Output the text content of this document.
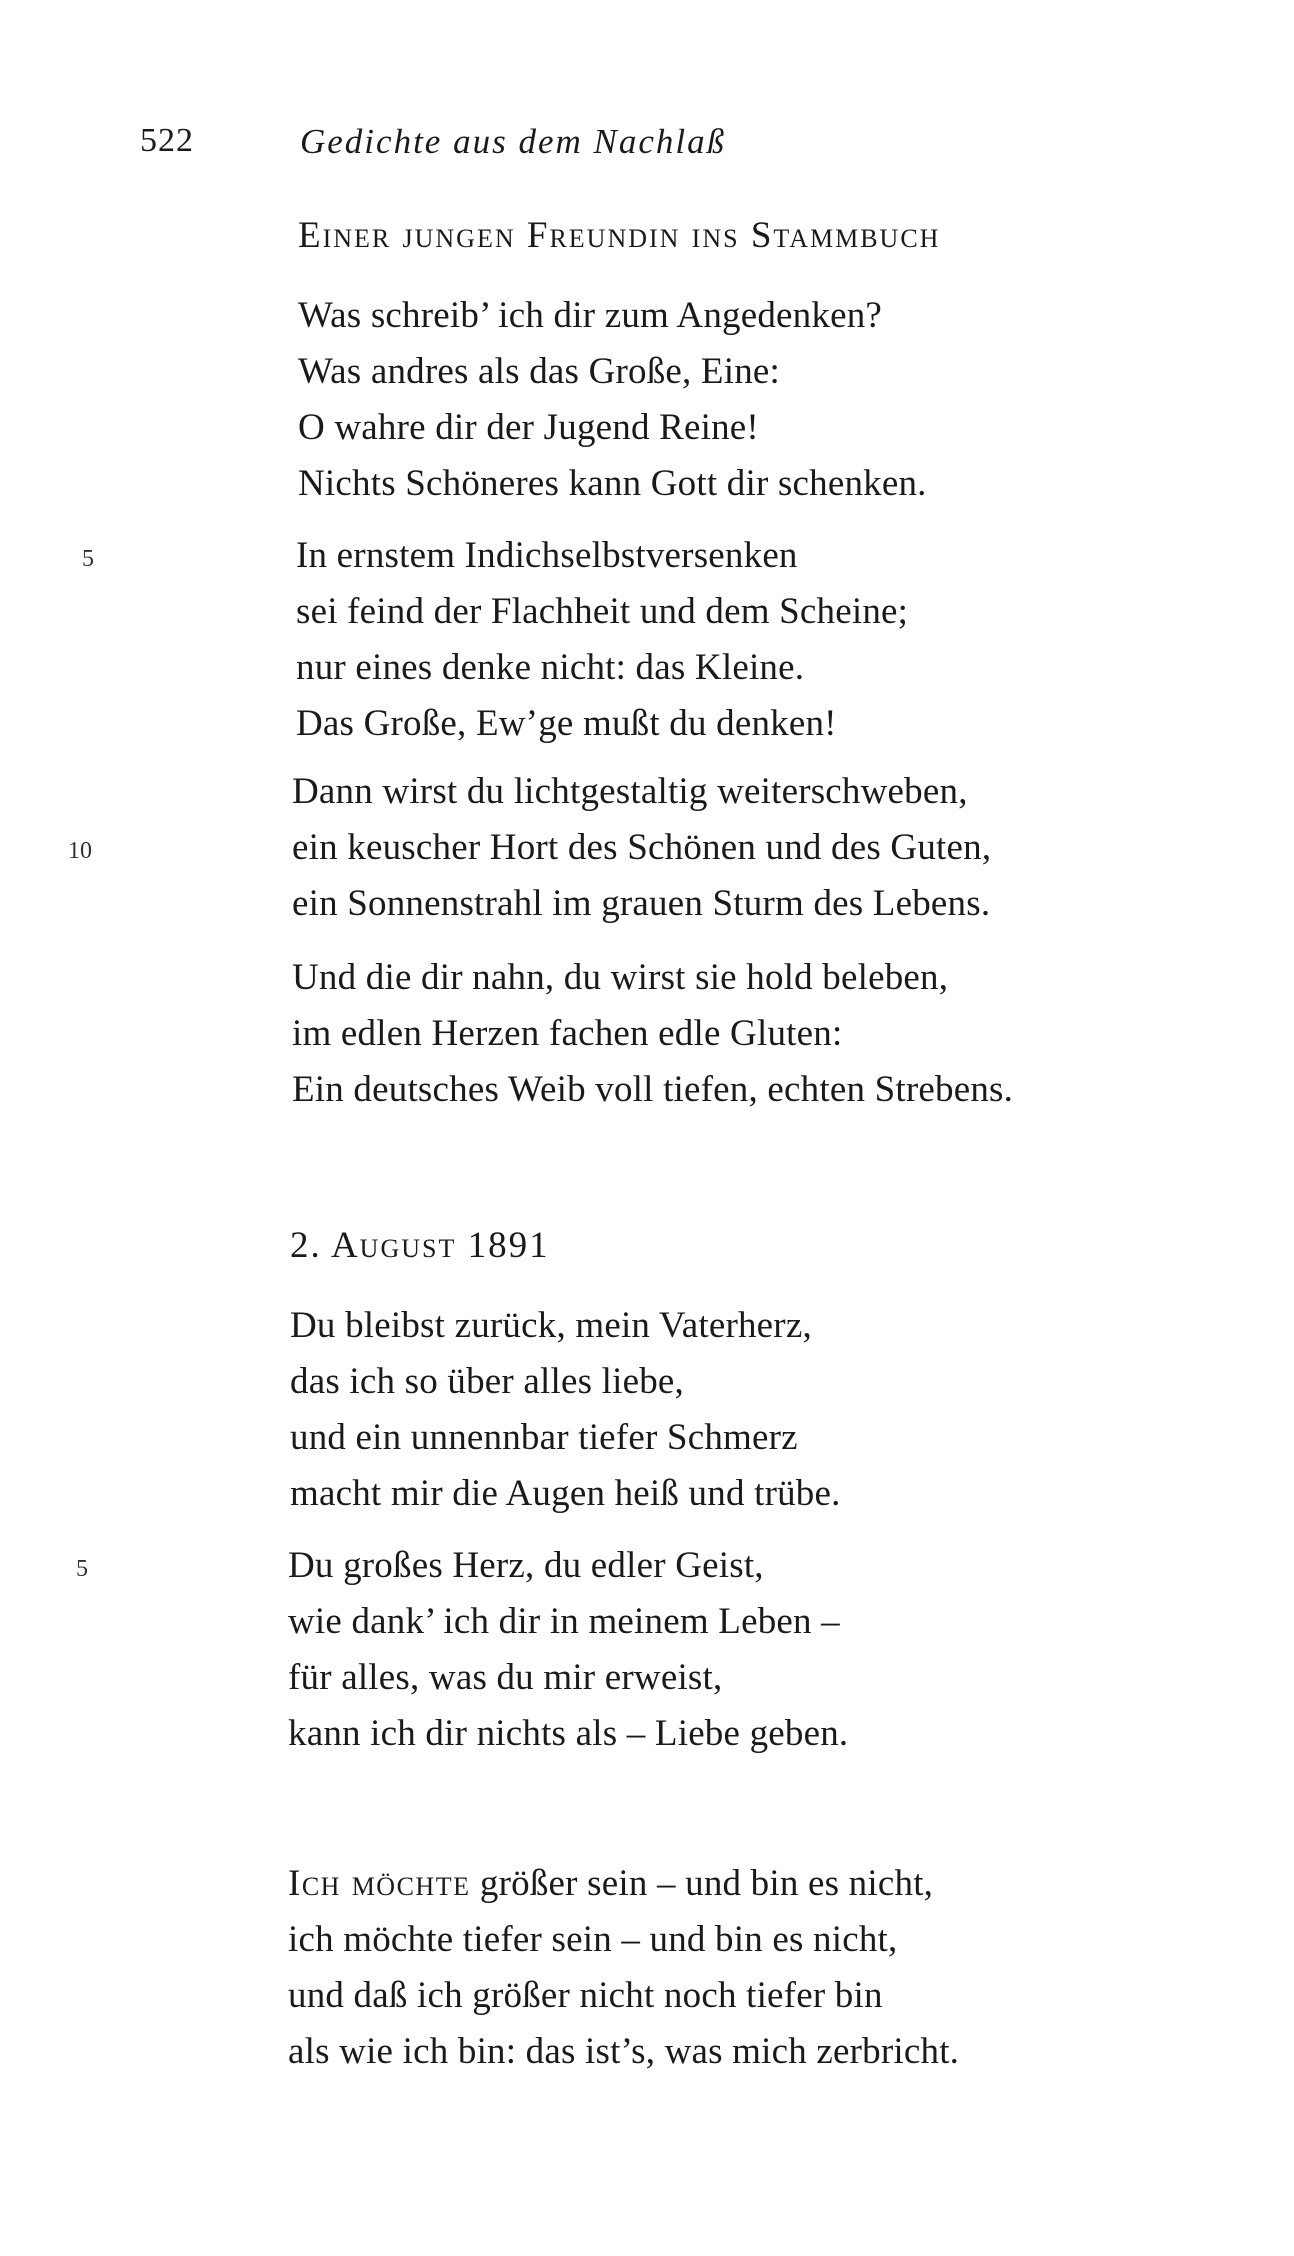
522	Gedichte aus dem Nachlaß
Einer jungen Freundin ins Stammbuch
Was schreib’ ich dir zum Angedenken?
Was andres als das Große, Eine:
O wahre dir der Jugend Reine!
Nichts Schöneres kann Gott dir schenken.
5	In ernstem Indichselbstversenken
sei feind der Flachheit und dem Scheine;
nur eines denke nicht: das Kleine.
Das Große, Ew’ge mußt du denken!
10
Dann wirst du lichtgestaltig weiterschweben,
ein keuscher Hort des Schönen und des Guten,
ein Sonnenstrahl im grauen Sturm des Lebens.
Und die dir nahn, du wirst sie hold beleben,
im edlen Herzen fachen edle Gluten:
Ein deutsches Weib voll tiefen, echten Strebens.
2. August 1891
Du bleibst zurück, mein Vaterherz,
das ich so über alles liebe,
und ein unnennbar tiefer Schmerz
macht mir die Augen heiß und trübe.
5	Du großes Herz, du edler Geist,
wie dank’ ich dir in meinem Leben –
für alles, was du mir erweist,
kann ich dir nichts als – Liebe geben.
Ich möchte größer sein – und bin es nicht,
ich möchte tiefer sein – und bin es nicht,
und daß ich größer nicht noch tiefer bin
als wie ich bin: das ist’s, was mich zerbricht.
